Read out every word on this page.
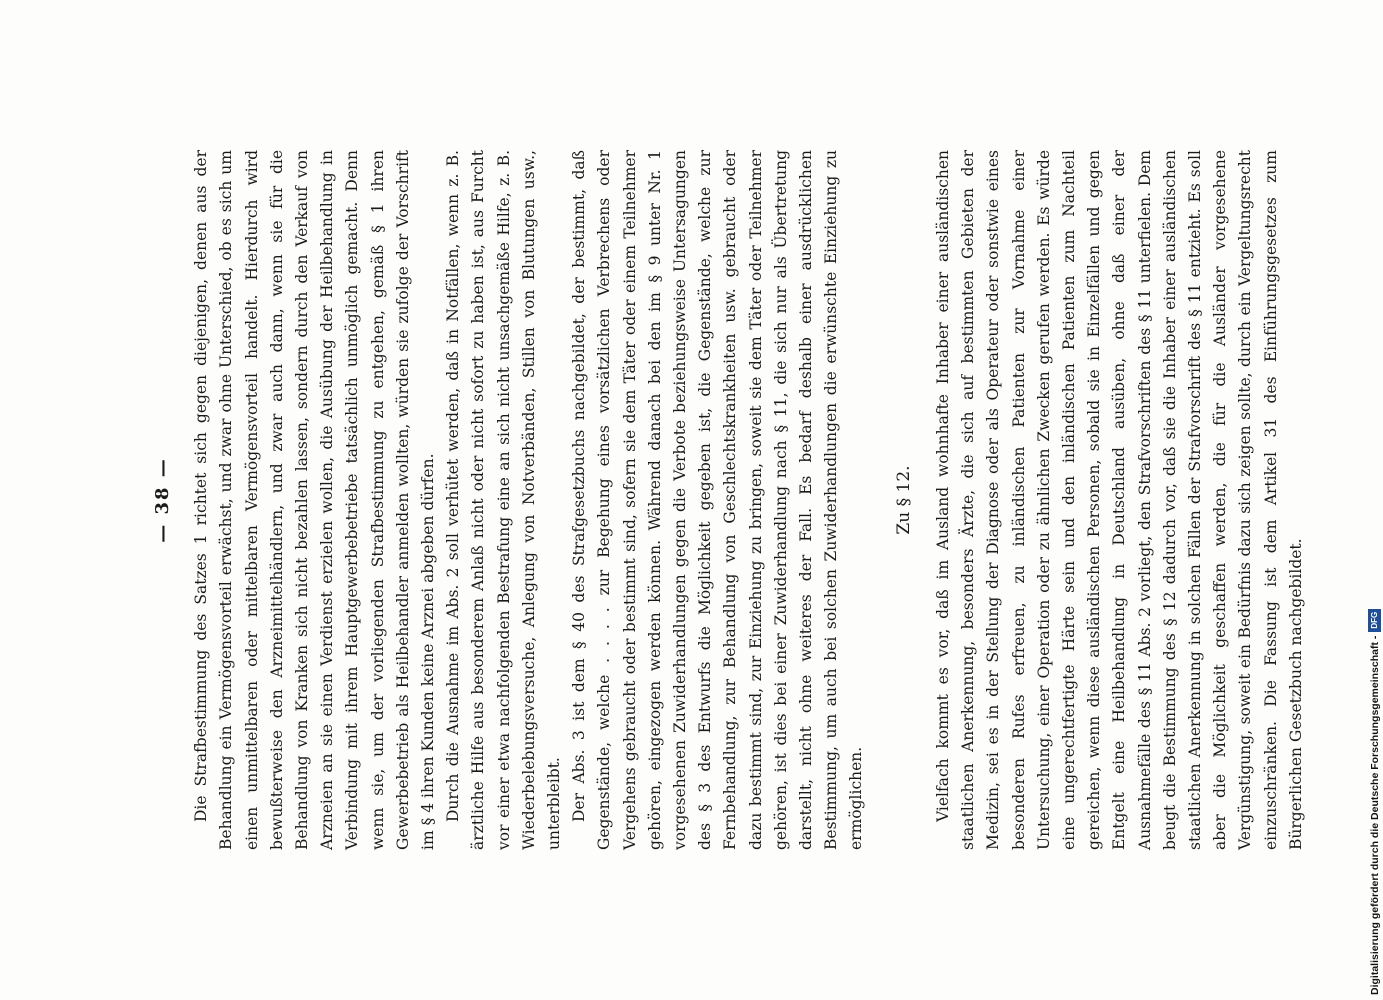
— 38 — Die Strafbestimmung des Satzes 1 richtet sich gegen diejenigen, denen aus der Behandlung ein Vermögensvorteil erwächst, und zwar ohne Unterschied, ob es sich um einen unmittelbaren oder mittelbaren Vermögensvorteil handelt. Hierdurch wird bewußterweise den Arzneimittelhändlern, und zwar auch dann, wenn sie für die Behandlung von Kranken sich nicht bezahlen lassen, sondern durch den Verkauf von Arzneien an sie einen Verdienst erzielen wollen, die Ausübung der Heilbehandlung in Verbindung mit ihrem Hauptgewerbebetriebe tatsächlich unmöglich gemacht. Denn wenn sie, um der vorliegenden Strafbestimmung zu entgehen, gemäß § 1 ihren Gewerbebetrieb als Heilbehandler anmelden wollten, würden sie zufolge der Vorschrift im § 4 ihren Kunden keine Arznei abgeben dürfen. Durch die Ausnahme im Abs. 2 soll verhütet werden, daß in Notfällen, wenn z. B. ärztliche Hilfe aus besonderem Anlaß nicht oder nicht sofort zu haben ist, aus Furcht vor einer etwa nachfolgenden Bestrafung eine an sich nicht unsachgemäße Hilfe, z. B. Wiederbelebungsversuche, Anlegung von Notverbänden, Stillen von Blutungen usw., unterbleibt. Der Abs. 3 ist dem § 40 des Strafgesetzbuchs nachgebildet, der bestimmt, daß Gegenstände, welche . . . . zur Begehung eines vorsätzlichen Verbrechens oder Vergehens gebraucht oder bestimmt sind, sofern sie dem Täter oder einem Teilnehmer gehören, eingezogen werden können. Während danach bei den im § 9 unter Nr. 1 vorgesehenen Zuwiderhandlungen gegen die Verbote beziehungsweise Untersagungen des § 3 des Entwurfs die Möglichkeit gegeben ist, die Gegenstände, welche zur Fernbehandlung, zur Behandlung von Geschlechtskrankheiten usw. gebraucht oder dazu bestimmt sind, zur Einziehung zu bringen, soweit sie dem Täter oder Teilnehmer gehören, ist dies bei einer Zuwiderhandlung nach § 11, die sich nur als Übertretung darstellt, nicht ohne weiteres der Fall. Es bedarf deshalb einer ausdrücklichen Bestimmung, um auch bei solchen Zuwiderhandlungen die erwünschte Einziehung zu ermöglichen.

Zu § 12. Vielfach kommt es vor, daß im Ausland wohnhafte Inhaber einer ausländischen staatlichen Anerkennung, besonders Ärzte, die sich auf bestimmten Gebieten der Medizin, sei es in der Stellung der Diagnose oder als Operateur oder sonstwie eines besonderen Rufes erfreuen, zu inländischen Patienten zur Vornahme einer Untersuchung, einer Operation oder zu ähnlichen Zwecken gerufen werden. Es würde eine ungerechtfertigte Härte sein und den inländischen Patienten zum Nachteil gereichen, wenn diese ausländischen Personen, sobald sie in Einzelfällen und gegen Entgelt eine Heilbehandlung in Deutschland ausüben, ohne daß einer der Ausnahmefälle des § 11 Abs. 2 vorliegt, den Strafvorschriften des § 11 unterfielen. Dem beugt die Bestimmung des § 12 dadurch vor, daß sie die Inhaber einer ausländischen staatlichen Anerkennung in solchen Fällen der Strafvorschrift des § 11 entzieht. Es soll aber die Möglichkeit geschaffen werden, die für die Ausländer vorgesehene Vergünstigung, soweit ein Bedürfnis dazu sich zeigen sollte, durch ein Vergeltungsrecht einzuschränken. Die Fassung ist dem Artikel 31 des Einführungsgesetzes zum Bürgerlichen Gesetzbuch nachgebildet.	Digitalisierung gefördert durch die Deutsche Forschungsgemeinschaft -
DFG
